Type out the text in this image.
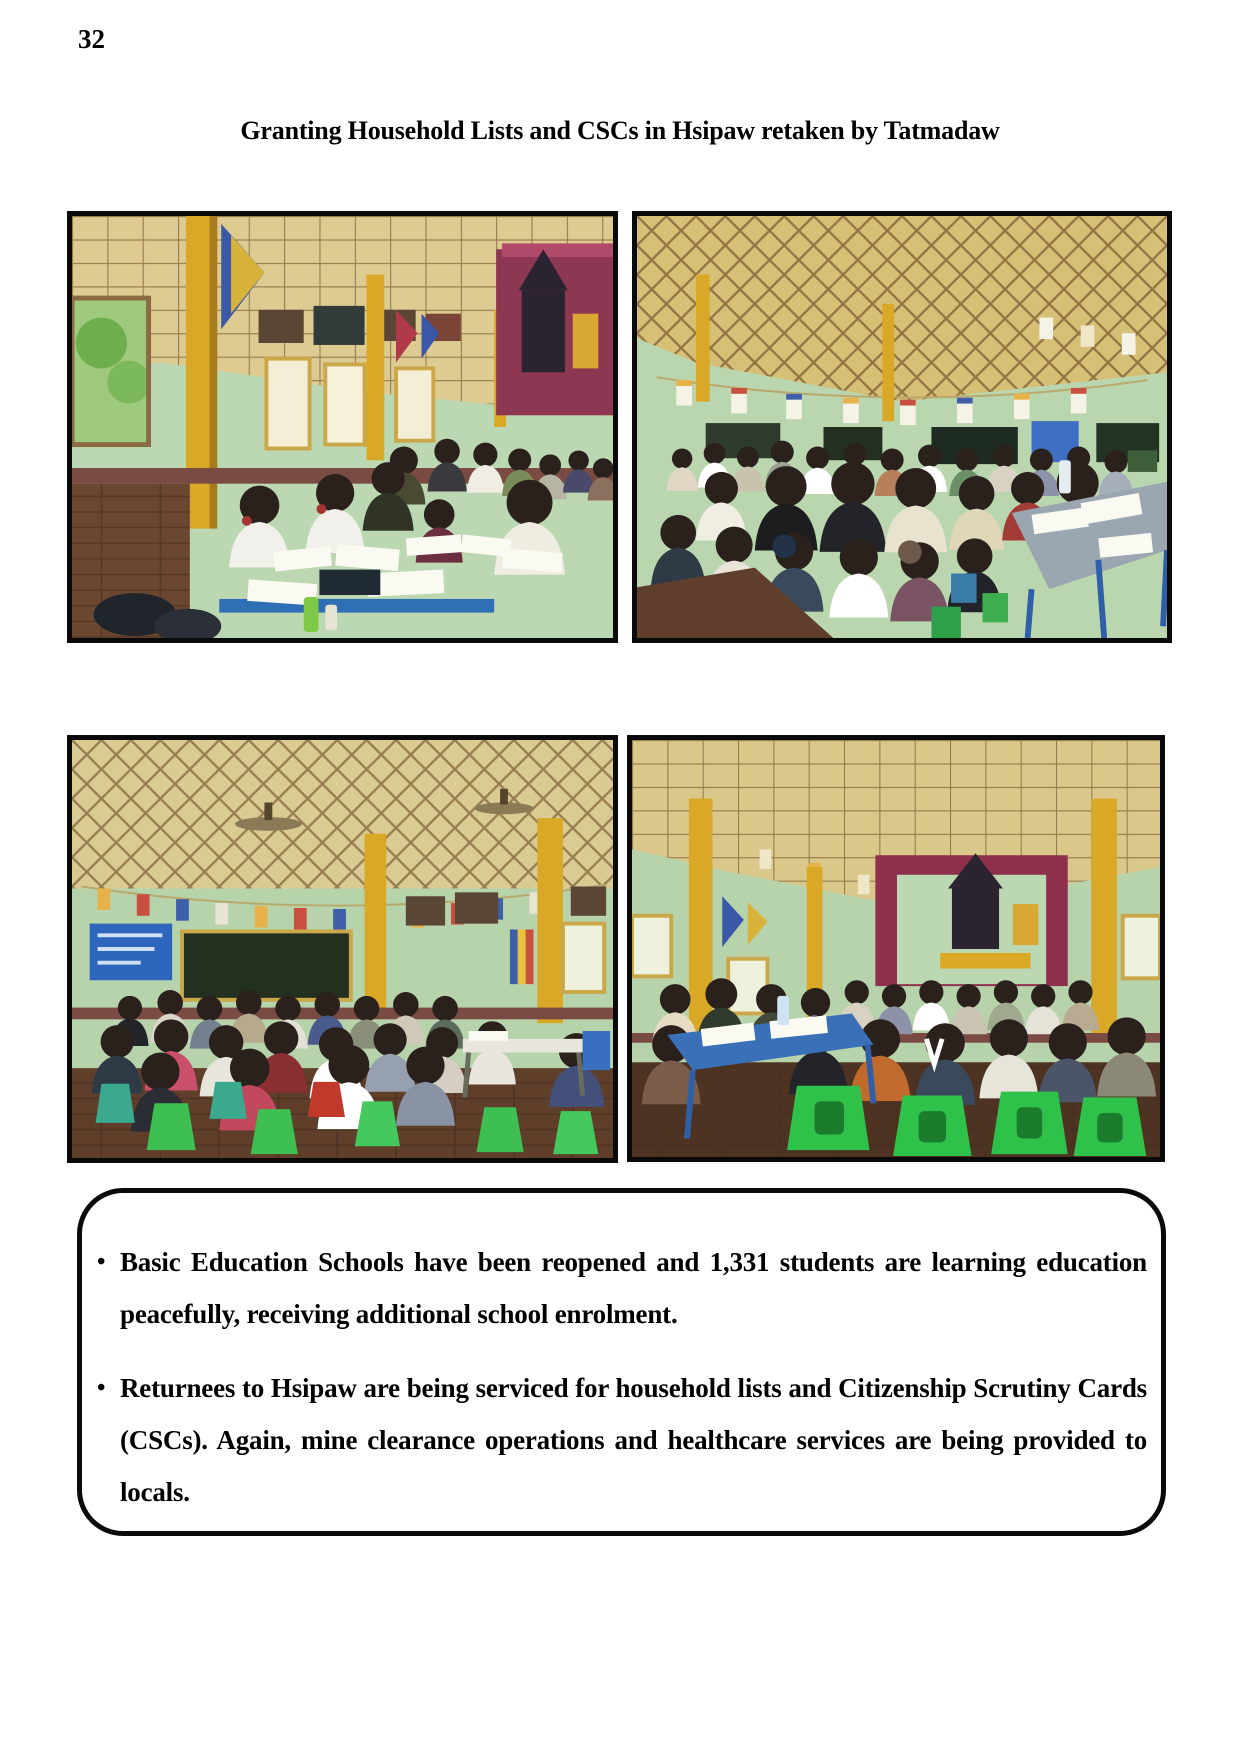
32
Granting Household Lists and CSCs in Hsipaw retaken by Tatmadaw
• Basic Education Schools have been reopened and 1,331 students are learning education peacefully, receiving additional school enrolment.

• Returnees to Hsipaw are being serviced for household lists and Citizenship Scrutiny Cards (CSCs). Again, mine clearance operations and healthcare services are being provided to locals.
